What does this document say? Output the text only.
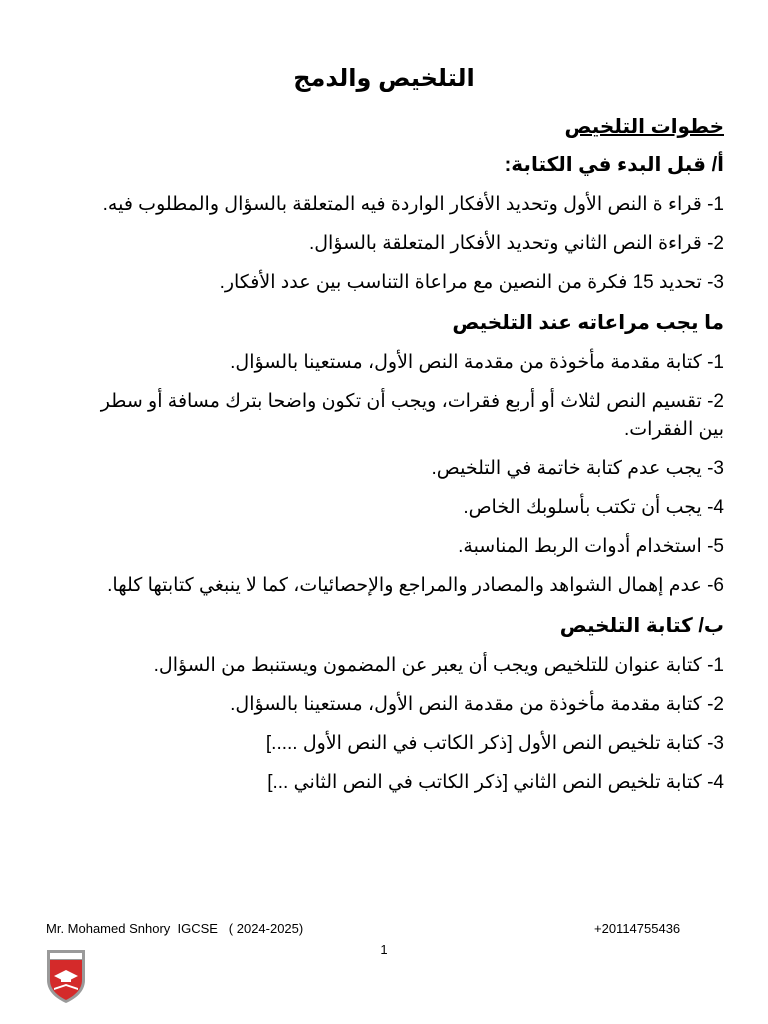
التلخيص والدمج

خطوات التلخيص

أ/ قبل البدء في الكتابة:

1- قراء ة النص الأول وتحديد الأفكار الواردة فيه المتعلقة بالسؤال والمطلوب فيه.

2- قراءة النص الثاني وتحديد الأفكار المتعلقة بالسؤال.

3- تحديد 15 فكرة من النصين مع مراعاة التناسب بين عدد الأفكار.

ما يجب مراعاته عند التلخيص

1- كتابة مقدمة مأخوذة من مقدمة النص الأول، مستعينا بالسؤال.

2- تقسيم النص لثلاث أو أربع فقرات، ويجب أن تكون واضحا بترك مسافة أو سطر بين الفقرات.

3- يجب عدم كتابة خاتمة في التلخيص.

4- يجب أن تكتب بأسلوبك الخاص.

5- استخدام أدوات الربط المناسبة.

6- عدم إهمال الشواهد والمصادر والمراجع والإحصائيات، كما لا ينبغي كتابتها كلها.

ب/ كتابة التلخيص

1- كتابة عنوان للتلخيص ويجب أن يعبر عن المضمون ويستنبط من السؤال.

2- كتابة مقدمة مأخوذة من مقدمة النص الأول، مستعينا بالسؤال.

3- كتابة تلخيص النص الأول [ذكر الكاتب في النص الأول .....]

4- كتابة تلخيص النص الثاني [ذكر الكاتب في النص الثاني ...]

Mr. Mohamed Snhory  IGCSE   ( 2024-2025)	+20114755436
1
